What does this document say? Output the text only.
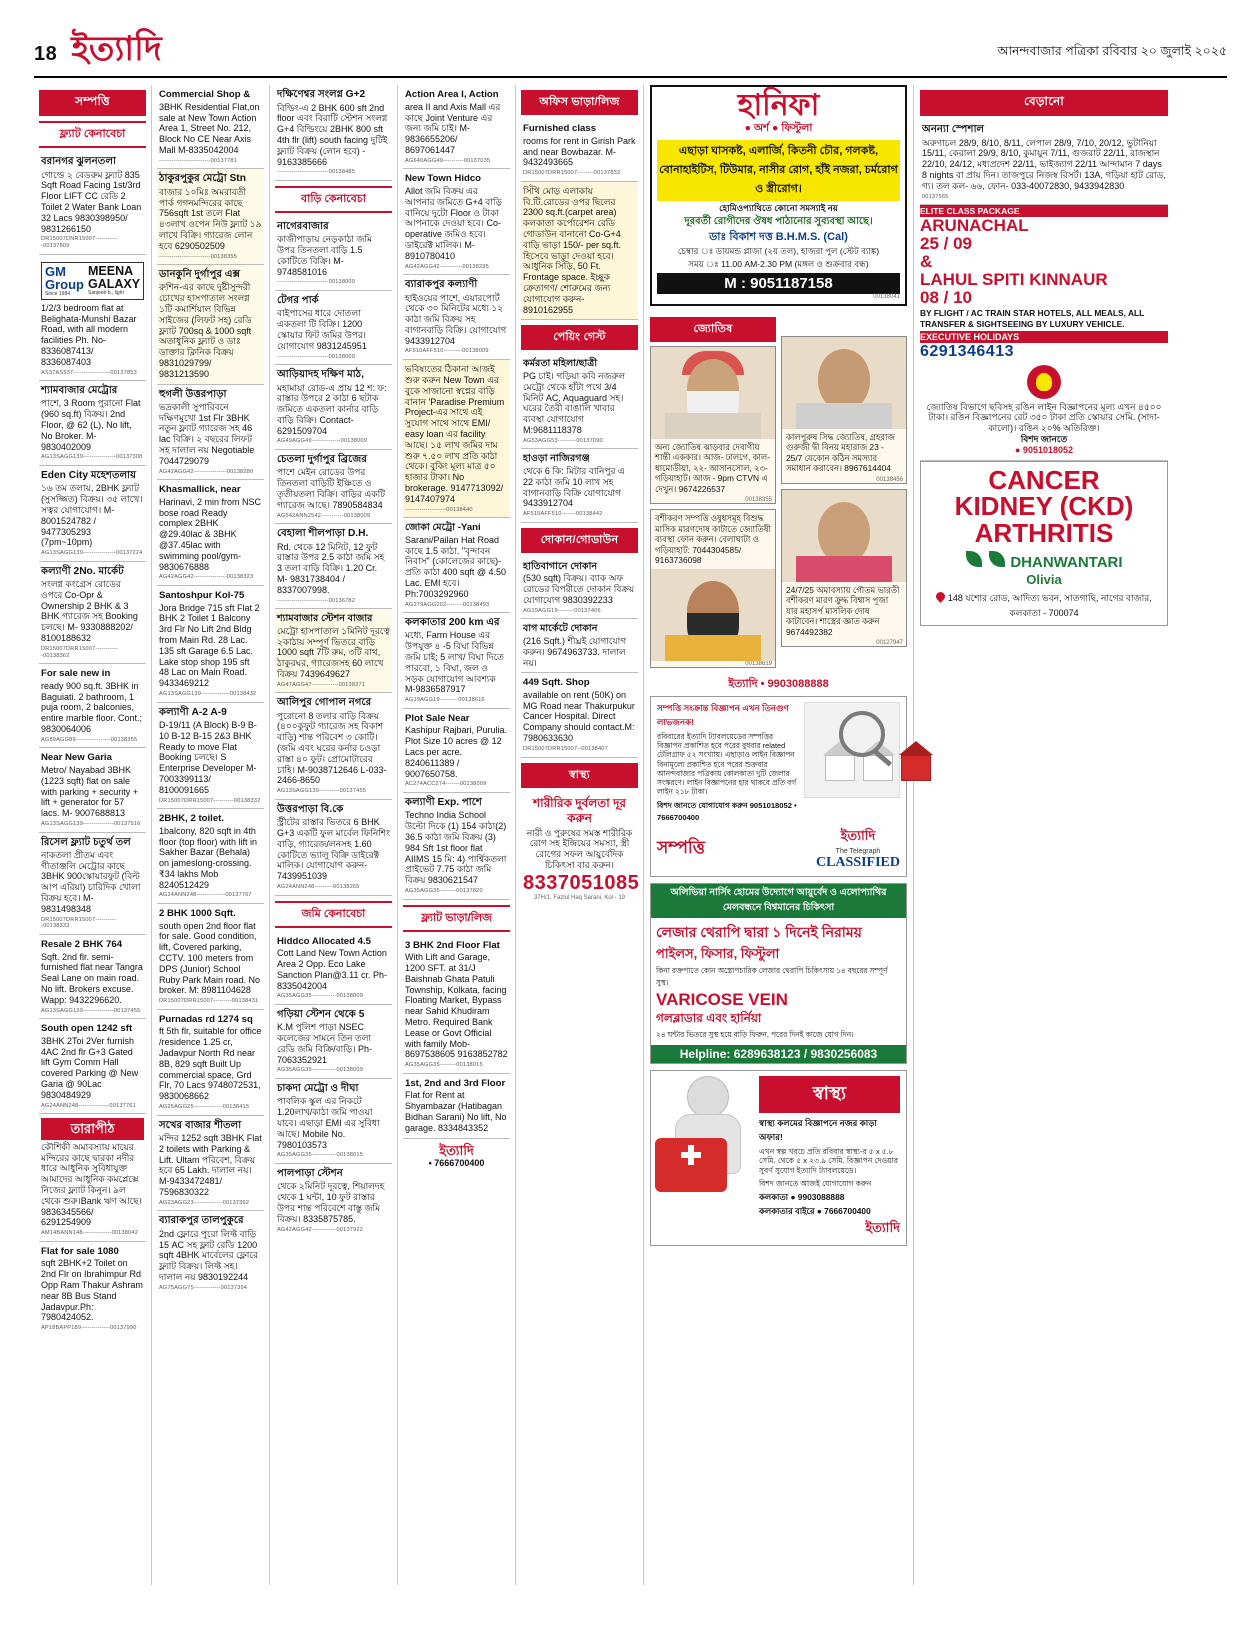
18 ইত্যাদি	আনন্দবাজার পত্রিকা রবিবার ২০ জুলাই ২০২৫
সম্পত্তি
ফ্ল্যাট কেনাবেচা
বরানগর ঝুলনতলা
গোল্ডে ২ বেডরুম ফ্ল্যাট 835 Sqft Road Facing 1st/3rd Floor LIFT CC রেডি 2 Toilet 2 Water Bank Loan 32 Lacs 9830398950/ 9831266150
DR15007DNR15007------------00137809
GM Group
Since 1984
MEENA GALAXY
Sanjeeb b., light
1/2/3 bedroom flat at Belighata-Munshi Bazar Road, with all modern facilities Ph. No-8336087413/ 8336087403
AS37AS537------------------00137853
শ্যামবাজার মেট্রোর
পাশে, 3 Room পুরানো Flat (960 sq.ft) বিক্রয়। 2nd Floor, @ 62 (L), No lift, No Broker. M- 9830402009
AG13SAGG139----------------00137308
Eden City মহেশতলায়
১৬ তম তলায়, 2BHK ফ্ল্যাট (সুসজ্জিত) বিক্রয়। ৩৫ লাখে। সত্বর যোগাযোগ। M- 8001524782 / 9477305293 (7pm~10pm)
AG13SAGG139----------------00137224
কল্যাণী 2No. মার্কেট
সংলগ্ন কংগ্রেস রোডের ওপরে Co-Opr & Ownership 2 BHK & 3 BHK গ্যারেজ সহ Booking চলছে। M- 9330888202/ 8100188632
DR15007DRR15007------------00138362
For sale new in
ready 900 sq.ft. 3BHK in Baguiati. 2 bathroom, 1 puja room, 2 balconies, entire marble floor. Cont.; 9830064006
AG89AGG89-----------------00138355
Near New Garia
Metro/ Nayabad 3BHK (1223 sqft) flat on sale with parking + security + lift + generator for 57 lacs. M- 9007688813
AG13SAGG139---------------00137516
রিসেল ফ্ল্যাট চতুর্থ তল
নাকতলা প্রীতম এবং গীতাঞ্জলি মেট্রোর কাছে 3BHK 900স্কোয়ারফুট (বিল্ট আপ এরিয়া) চারিদিক খোলা বিক্রয় হবে। M- 9831498348
DR15007DRR15007-----------00138333
Resale 2 BHK 764
Sqft. 2nd flr. semi-furnished flat near Tangra Seal Lane on main road. No lift. Brokers excuse. Wapp: 9432296620.
AG13SAGG139---------------00137455
South open 1242 sft
3BHK 2Toi 2Ver furnish 4AC 2nd flr G+3 Gated lift Gym Comm Hall covered Parking @ New Garia @ 90Lac 9830484929
AG24ANN248---------------00137761
তারাপীঠ
কৌশিকী অমাবস্যায় মায়ের মন্দিরের কাছে দ্বারকা নদীর ধারে আধুনিক সুবিধাযুক্ত আমাদের আধুনিক কমপ্লেক্সে নিজের ফ্ল্যাট কিনুন। ৯ল থেকে শুরু।Bank ঋণ আছে। 9836345566/ 6291254909
AM14BANN148--------------00138042
Flat for sale 1080
sqft 2BHK+2 Toilet on 2nd Flr on Ibrahimpur Rd Opp Ram Thakur Ashram near 8B Bus Stand Jadavpur.Ph: 7980424052.
AP18BAPP189--------------00137990
Commercial Shop &
3BHK Residential Flat,on sale at New Town Action Area 1, Street No. 212, Block No CE Near Axis Mall M-8335042004
-------------------------00137781
ঠাকুরপুকুর মেট্রো Stn
বাজার ১০মিঃ অমরাবতী পার্ক গগনমন্দিরের কাছে 756sqft 1st তলে Flat ৪৩লাখ ওপেন নিউ ফ্ল্যাট ১৯ লাখে বিক্রি। গ্যারেজ লোন হবে 6290502509
-------------------------00138355
ডানকুনি দুর্গাপুর এক্স
রুশিন-এর কাছে দুষ্টীসুন্দরী চোখের হাসপাতাল সংলগ্ন ১টি কমার্শিয়াল বিভিন্ন সাইজের (লিফট সহ) রেডি ফ্ল্যাট 700sq & 1000 sqft অতাধুনিক ফ্ল্যাট ও ডাঃ ডাক্তার ক্লিনিক বিক্রয় 9831029799/ 9831213590
হুগলী উত্তরপাড়া
ভদ্রকালী সুপারিবনে দক্ষিণমুখো 1st Flr 3BHK নতুন ফ্ল্যাট গ্যারেজ সহ 46 lac বিক্রি। ২ বছরের লিফট সহ দালাল নয় Negotiable 7044729079
AG42AGG42----------------00138280
Khasmallick, near
Harinavi, 2 min from NSC bose road Ready complex 2BHK @29.40lac & 3BHK @37.45lac with swimming pool/gym-9830676888
AG42AGG42----------------00138323
Santoshpur Kol-75
Jora Bridge 715 sft Flat 2 BHK 2 Toilet 1 Balcony 3rd Flr No Lift 2nd Bldg from Main Rd. 28 Lac. 135 sft Garage 6.5 Lac. Lake stop shop 195 sft 48 Lac on Main Road. 9433469212
AG13SAGG139--------------00138432
কল্যাণী A-2 A-9
D-19/11 (A Block) B-9 B-10 B-12 B-15 2&3 BHK Ready to move Flat Booking চলছে। S Enterprise Developer M-7003399113/ 8100091665
DR15007DRR15007----------00138332
2BHK, 2 toilet.
1balcony, 820 sqft in 4th floor (top floor) with lift in Sakher Bazar (Behala) on jameslong-crossing.₹34 lakhs Mob 8240512429
AG24ANN248--------------00137767
2 BHK 1000 Sqft.
south open 2nd floor flat for sale. Good condition, lift, Covered parking, CCTV. 100 meters from DPS (Junior) School Ruby Park Main road. No broker. M: 8981104628
DR15007DRR15007---------00138431
Purnadas rd 1274 sq
ft 5th flr, suitable for office /residence 1.25 cr, Jadavpur North Rd near 8B, 829 sqft Built Up commercial space, Grd Flr, 70 Lacs 9748072531, 9830068662
AG25AGG25--------------00138415
সখের বাজার শীতলা
মন্দির 1252 sqft 3BHK Flat 2 toilets with Parking & Lift. Ultam পরিবেশ, বিক্রয় হবে 65 Lakh. দালাল নয়। M-9433472481/ 7596830322
AG23AGG23--------------00137362
ব্যারাকপুর তালপুকুরে
2nd ফ্লোরে পুরো লিফ্ট বাড়ি 15 AC সহ ফ্লাট রেডি 1200 sqft 4BHK মার্বেলের ফ্লোরে ফ্ল্যাট বিক্রয়। লিফ্ট সহ। দালাল নয় 9830192244
AG75AGG75-------------00137394
দক্ষিণেশ্বর সংলগ্ন G+2
বিল্ডিং-এ 2 BHK 600 sft 2nd floor এবং বিরাটি স্টেশন সংলগ্ন G+4 বিল্ডিংয়ে 2BHK 800 sft 4th flr (lift) south facing দুটিই ফ্ল্যাট বিক্রয় (লোন হবে) - 9163385666
-------------------------00138485
বাড়ি কেনাবেচা
নাগেরবাজার
কাজীপাড়ায় নেড়কাঠা জমি উপর তিনতলা বাড়ি 1.5 কোটিতে বিক্রি। M-9748581016
-------------------------00138009
টেগর পার্ক
বাইপাসের ধারে দোতলা একতলা টি বিক্রি। 1200 স্কোয়ার ফিট জমির উপর। যোগাযোগ 9831245951
-------------------------00138009
আড়িয়াদহ দক্ষিণ মাঠ,
মহামায়া রোড-এ প্রায় 12 শ: ফ: রাস্তার উপরে 2 কাঠা 6 ছটাক জমিতে একতলা কার্নার বাড়ি বাড়ি বিক্রি। Contact-6291509704
AG49AGG49--------------00138009
চেতলা দুর্গাপুর ব্রিজের
পাশে মেইন রোডের উপর তিনতলা বাড়িটি ইঞ্চিতে ও তৃতীয়তলা বিক্রি। বাড়ির একটি গ্যারেজ আছে। 7890584834
AG542ANN2542-----------00138009
বেহালা শীলপাড়া D.H.
Rd. থেকে 12 মিনিট, 12 ফুট রাস্তার উপর 2.5 কাঠা জমি সহ 3 তলা বাড়ি বিক্রি। 1.20 Cr. M- 9831738404 / 8337007998.
-------------------------00136782
শ্যামবাজার স্টেশন বাজার
মেট্রো হাসপাতাল ১মিনিট দূরত্বে ২কাঠায় সম্পূর্ণ ভিতরে বাড়ি 1000 sqft 7টি রুম, ৩টি বাথ, ঠাকুরঘর, গ্যারেজসহ 60 লাখে বিক্রয় 7439649627
AG47AGG47-------------00138371
আলিপুর গোপাল নগরে
পুরোনো 8 তলার বাড়ি বিক্রয় (৪০০কুফুট গ্যারেজ সহ বিকাশ বাড়ি) শান্ত পরিবেশ ৩ কোটি। (জমি এবং ঘরের কর্নার চওড়া রাস্তা ৪০ ফুট। প্রোমোটারের চাহি। M-9038712646 L-033-2466-8650
AG13SAGG139----------00137455
উত্তরপাড়া বি.কে
স্ট্রীটের রাস্তার ভিতরে 6 BHK G+3 একটি ফুল মার্বেল ফিনিশিং বাড়ি, গ্যারেজ/লনসহ 1.60 কোটিতে ভ্যালু বিক্রি ডাইরেক্ট মালিক। যোগাযোগ করুন- 7439951039
AG24ANN248---------00138265
জমি কেনাবেচা
Hiddco Allocated 4.5
Cott Land New Town Action Area 2 Opp. Eco Lake Sanction Plan@3.11 cr. Ph-8335042004
AG35AGG35------------00138009
গড়িয়া স্টেশন থেকে 5
K.M পুলিশ পাড়া NSEC কলেজের সামনে তিন তলা রেডি জমি বিক্রি/বাড়ি। Ph- 7063352921
AG35AGG35------------00138009
চাকদা মেট্রো ও দীঘা
পাবলিক স্কুল এর নিকটে 1.20লাখ/কাঠা জমি পাওয়া যাবে। এছাড়া EMI এর সুবিধা আছে। Mobile No. 7980103573
AG35AGG35------------00138015
পালপাড়া স্টেশন
থেকে ২মিনিট দূরত্বে, শিয়ালদহ থেকে 1 ঘন্টা, 10 ফুট রাস্তার উপর শান্ত পরিবেশে বাস্তু জমি বিক্রয়। 8335875785.
AG42AGG42------------00137922
Action Area I, Action
area II and Axis Mall এর কাছে Joint Venture এর জন্য জমি চাই। M-9836655206/ 8697061447
AG640AGG49----------00137035
New Town Hidco
Allot জমি বিক্রয় এর আপনার জমিতে G+4 বাড়ি বানিয়ে দুটো Floor ও টাকা আপনাকে দেওয়া হবে। Co-operative জমিও হবে। ডাইরেক্ট মালিক। M-8910780410
AG42AGG42-----------00138235
ব্যারাকপুর কল্যাণী
হাইওয়ের পাশে, এয়ারপোর্ট থেকে ৩০ মিনিটের মধ্যে ১২ কাঠা জমি বিক্রয় সহ বাগানবাড়ি বিক্রি। যোগাযোগ 9433912704
AF510AFF510---------00138009
ভবিষ্যতের ঠিকানা আজই শুরু করুন New Town এর বুকে সাজানো স্বপ্নের বাড়ি বানান 'Paradise Premium Project-এর সাথে এই সুযোগ সাথে সাথে EMI/ easy loan এর facility আছে। ১৫ লাখ জমির দাম শুরু ৭.৫০ লাখ প্রতি কাঠা থেকে। বুকিং মূল্য মাত্র ৫০ হাজার টাকা। No brokerage. 9147713092/ 9147407974
--------------------00138440
জোকা মেট্রো -Yani
Sarani/Pailan Hat Road কাছে 1.5 কাঠা. "বৃন্দাবন নিবাস" (কোলেজের কাছে)- প্রতি কাঠা 400 sqft @ 4.50 Lac. EMI হবে। Ph:7003292960
AG279AGG202--------00138493
কলকাতার 200 km এর
মধ্যে, Farm House এর উপযুক্ত ৪ -5 বিঘা বিভিন্ন জমি চাই; 5 লাখ/ বিঘা দিতে পারবো, ১ বিঘা, জল ও সড়ক যোগাযোগ আবশ্যক M-9836587917
AG19AGG19---------00138616
Plot Sale Near
Kashipur Rajbari, Purulia. Plot Size 10 acres @ 12 Lacs per acre. 8240611389 / 9007650758.
AC274ACC274-------00138009
কল্যাণী Exp. পাশে
Techno India School উল্টো দিকে (1) 154 কাঠা(2) 36.5 কাঠা জমি বিক্রয় (3) 984 Sft 1st floor flat AIIMS 15 মি: 4) পার্শ্বিকতলা প্রাইভেট 7.75 কাঠা জমি বিক্রয় 9830621547
AG35AGG35--------00137820
ফ্ল্যাট ভাড়া/লিজ
3 BHK 2nd Floor Flat
With Lift and Garage, 1200 SFT. at 31/J Baishnab Ghata Patuli Township, Kolkata, facing Floating Market, Bypass near Sahid Khudiram Metro. Required Bank Lease or Govt Official with family Mob-8697538605 9163852782
AG35AGG35--------00138015
1st, 2nd and 3rd Floor
Flat for Rent at Shyambazar (Hatibagan Bidhan Sarani) No lift, No garage. 8334843352
ইত্যাদি
• 7666700400
অফিস ভাড়া/লিজ
Furnished class
rooms for rent in Girish Park and near Bowbazar. M- 9432493665
DR15007DRR15007--------00137832
সিঁথি মোড় এলাকায় বি.টি.রোডের ওপর ছিলের 2300 sq.ft.(carpet area) কলকাতা কর্পোরেশন রেডি গোডাউন বানানো Co-G+4 বাড়ি ভাড়া 150/- per sq.ft. হিসেবে ভাড়া দেওয়া হবে। আধুনিক সিঁড়ি, 50 Ft. Frontage space. ইচ্ছুক ক্রেতাগণ/ শোরুমের জন্য যোগাযোগ করুন- 8910162955
পেয়িং গেস্ট
কর্মরতা মহিলা/ছাত্রী
PG চাই। গড়িয়া কবি নজরুল মেট্রো থেকে হাঁটা পথে 3/4 মিনিট AC, Aquaguard সহ। ঘরের তৈরী বাঙালি খাবার ব্যবস্থা যোগাযোগ M:9681118378
AG53AGG53---------00137090
হাওড়া নাজিরগঞ্জ
থেকে 6 কি: মিটার বানিপুর এ 22 কাঠা জমি 10 লাখ সহ বাগানবাড়ি বিক্রি যোগাযোগ 9433912704
AF510AFF510-------00138442
দোকান/গোডাউন
হাতিবাগানে দোকান
(530 sqft) বিক্রয়। ব্যাক অফ রোডের বিপরীতে দোকান বিক্রয় যোগাযোগ 9830392233
AG19AGG19--------00137406
বাগ মার্কেটে দোকান
(216 Sqft.) শীঘ্রই যোগাযোগ করুন। 9674963733. দালাল নয়।
449 Sqft. Shop
available on rent (50K) on MG Road near Thakurpukur Cancer Hospital. Direct Company should contact.M: 7980633630
DR15007DRR15007--00138407
স্বাস্থ্য
শারীরিক দুর্বলতা দূর করুন
নারী ও পুরুষের সমস্ত শারীরিক রোগ সহ ইন্দ্রিয়ের সমস্যা, স্ত্রী রোগের সফল আয়ুর্বেদিক চিকিৎসা বার করুন।
8337051085
37H/1, Fazlul Haq Sarani, Kol - 19
হানিফা
● অর্শ ● ফিস্টুলা
এছাড়া ঘাসকষ্ট, এলার্জি, কিতনী চৌর, গলকষ্ট, বোনাহাইটিস, টিউমার, নাসীর রোগ, হাঁই নজরা, চর্মরোগ ও স্ত্রীরোগ।
হোমিওপ্যাথিতে কোনো সমস্যাই নয়
দূরবর্তী রোগীদের ঔষধ পাঠানোর সুব্যবস্থা আছে।
ডাঃ বিকাশ দত্ত B.H.M.S. (Cal)
চেম্বার ঃ ডায়মন্ড প্লাজা (২য় তল), হাজরা পুল (স্টেট ব্যাঙ্ক)
সময় ঃ 11.00 AM-2.30 PM (মঙ্গল ও শুক্রবার বন্ধ)
M : 9051187158
00138041
জ্যোতিষ
অন্য জ্যোতিষ ঝাড়বার দেবাণীয় শান্তী এককার। আজ- ঢালগে, কাল-ধামোডীয়া, ২২- আসানসোল, ২৩-গড়িয়াহাট। আজ - 9pm CTVN এ দেখুন। 9674226537
00138355
বশীকরণ সম্পত্তি ওষুধসমূহ বিশুদ্ধ মাসিক মারণদোষ কাটাতে জ্যোতিষী ব্যবস্থা ফোন করুন। বেলাঘাটা ও গড়িয়াহাট: 7044304585/ 9163736098
00138619
কালপুরুষ সিদ্ধ জ্যোতিষ, গ্রহরাজ গুরুজী দ্বী বিনয় মহারাজ 23 - 25/7 যেকোন কঠিন সমস্যার সমাধান করাবেন। 8967614404
00138456
24/7/25 অমাবস্যায় গৌতম ভারতী বশীকরণ মারণ ক্রুদ্ধ বিশ্বাস পূজা যার মহাসর্প মাসলিক দোষ কাটাবেন। শাস্ত্রের জ্ঞাত করুন 9674492382
00127947
ইত্যাদি • 9903088888
সম্পত্তি সংক্রান্ত বিজ্ঞাপন এখন তিনগুণ লাভজনক!
রবিবারের ইত্যাদি ট্যাবলয়েডের সম্পত্তির বিজ্ঞাপন প্রকাশিত হবে পরের বুধবার related টেলিগ্রাফ ৫২ সংখ্যায়। এছাড়াও লাইন বিজ্ঞাপন বিনামূল্যে প্রকাশিত হবে পরের শুক্রবার আনন্দবাজার পত্রিকায় কোলকাতা দুটি জেলার সংস্করণে। লাইন বিজ্ঞাপনের হার থাকবে প্রতি বর্গ লাইন ২১৮ টাকা।
বিশদ জানতে যোগাযোগ করুন 9051018052 • 7666700400
সম্পত্তি
ইত্যাদি
The Telegraph
CLASSIFIED
অলিভিয়া নার্সিং হোমের উদ্যোগে আয়ুর্বেদ ও এলোপ্যাথির মেলবন্ধনে বিশ্বমানের চিকিৎসা
লেজার থেরাপি দ্বারা ১ দিনেই নিরাময়
পাইলস, ফিসার, ফিস্টুলা
কিনা রক্তপাতে কোন অস্ত্রোপচারিক লেজার থেরাপি চিকিৎসায় ১৪ বছরের সম্পূর্ণ সুস্থ।
VARICOSE VEIN
গলব্লাডার এবং হার্নিয়া
২৪ ঘন্টার ভিতরে সুস্থ হয়ে বাড়ি ফিরুন, পরের দিনই কাজে যোগ দিন।
Helpline: 6289638123 / 9830256083
স্বাস্থ্য
স্বাস্থ্য কলমের বিজ্ঞাপনে নজর কাড়া অফার!
এখন স্বল্প খরচে প্রতি রবিবার স্বাস্থ্য-র ৫ x ৫.৮ সেমি. থেকে ৫ x ২৩.৯ সেমি. বিজ্ঞাপন দেওয়ার সুবর্ণ সুযোগ ইত্যাদি ট্যাবলয়েডে।
বিশদ জানতে আজই যোগাযোগ করুন
কলকাতা ● 9903088888
কলকাতার বাইরে ● 7666700400
ইত্যাদি
বেড়ানো
অনন্যা স্পেশাল
অরুণাচল 28/9, 8/10, 8/11, লেপাল 28/9, 7/10, 20/12, ভুটানিয়া 15/11, কেরালা 29/9, 8/10, কুমায়ুন 7/11, গুজরাট 22/11, রাজস্থান 22/10, 24/12, মধ্যপ্রদেশ 22/11, ভাইজ্যাগ 22/11 আন্দামান 7 days 8 nights বা প্রায় দিন। তাজপুরে নিজস্ব রিসর্ট। 13A, গড়িয়া হাট রোড, গ্য। তল কল- ৬৬, ফোন- 033-40072830, 9433942830
00137565
ELITE CLASS PACKAGE
ARUNACHAL
25 / 09
&
LAHUL SPITI KINNAUR
08 / 10
BY FLIGHT / AC TRAIN STAR HOTELS, ALL MEALS, ALL TRANSFER & SIGHTSEEING BY LUXURY VEHICLE.
EXECUTIVE HOLIDAYS
6291346413
জ্যোতিষ বিভাগে ছবিসহ রঙিন লাইন বিজ্ঞাপনের মূল্য এখন ৪৫০০ টাকা। রঙিন বিজ্ঞাপনের রেট ৩৫০ টাকা প্রতি স্কোয়ার সেমি. (সাদা-কালো)। রঙিন ২০% অতিরিক্ত।
বিশদ জানতে
● 9051018052
CANCER
KIDNEY (CKD)
ARTHRITIS
DHANWANTARI
Olivia
148 যশোর রোড, আদিত্য ভবন, সাতগাছি, নাগের বাজার, কলকাতা - 700074
